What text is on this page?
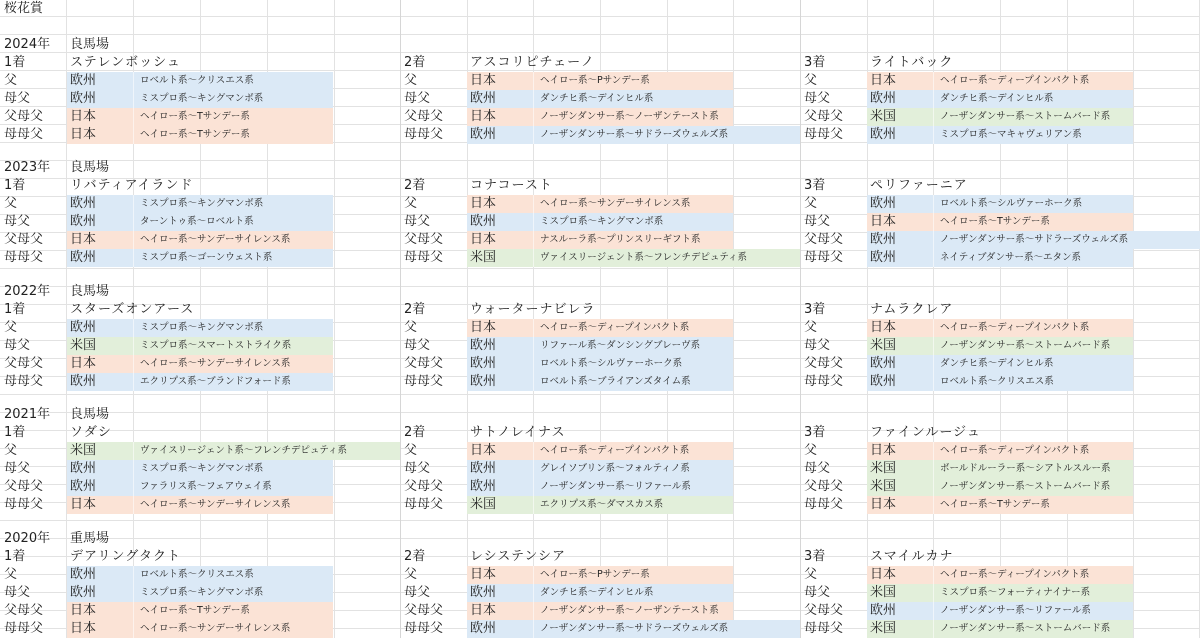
桜花賞
2024年	良馬場
1着	ステレンボッシュ
父	欧州	ロベルト系～クリスエス系
母父	欧州	ミスプロ系～キングマンボ系
父母父	日本	ヘイロー系～Tサンデー系
母母父	日本	ヘイロー系～Tサンデー系
2着	アスコリピチェーノ
父	日本	ヘイロー系～Pサンデー系
母父	欧州	ダンチヒ系～デインヒル系
父母父	日本	ノーザンダンサー系～ノーザンテースト系
母母父	欧州	ノーザンダンサー系～サドラーズウェルズ系
3着	ライトバック
父	日本	ヘイロー系～ディープインパクト系
母父	欧州	ダンチヒ系～デインヒル系
父母父	米国	ノーザンダンサー系～ストームバード系
母母父	欧州	ミスプロ系～マキャヴェリアン系
2023年	良馬場
1着	リバティアイランド
父	欧州	ミスプロ系～キングマンボ系
母父	欧州	ターントゥ系～ロベルト系
父母父	日本	ヘイロー系～サンデーサイレンス系
母母父	欧州	ミスプロ系～ゴーンウェスト系
2着	コナコースト
父	日本	ヘイロー系～サンデーサイレンス系
母父	欧州	ミスプロ系～キングマンボ系
父母父	日本	ナスルーラ系～プリンスリーギフト系
母母父	米国	ヴァイスリージェント系～フレンチデピュティ系
3着	ペリファーニア
父	欧州	ロベルト系～シルヴァーホーク系
母父	日本	ヘイロー系～Tサンデー系
父母父	欧州	ノーザンダンサー系～サドラーズウェルズ系
母母父	欧州	ネイティブダンサー系～エタン系
2022年	良馬場
1着	スターズオンアース
父	欧州	ミスプロ系～キングマンボ系
母父	米国	ミスプロ系～スマートストライク系
父母父	日本	ヘイロー系～サンデーサイレンス系
母母父	欧州	エクリプス系～ブランドフォード系
2着	ウォーターナビレラ
父	日本	ヘイロー系～ディープインパクト系
母父	欧州	リファール系～ダンシングブレーヴ系
父母父	欧州	ロベルト系～シルヴァーホーク系
母母父	欧州	ロベルト系～ブライアンズタイム系
3着	ナムラクレア
父	日本	ヘイロー系～ディープインパクト系
母父	米国	ノーザンダンサー系～ストームバード系
父母父	欧州	ダンチヒ系～デインヒル系
母母父	欧州	ロベルト系～クリスエス系
2021年	良馬場
1着	ソダシ
父	米国	ヴァイスリージェント系～フレンチデピュティ系
母父	欧州	ミスプロ系～キングマンボ系
父母父	欧州	ファラリス系～フェアウェイ系
母母父	日本	ヘイロー系～サンデーサイレンス系
2着	サトノレイナス
父	日本	ヘイロー系～ディープインパクト系
母父	欧州	グレイソブリン系～フォルティノ系
父母父	欧州	ノーザンダンサー系～リファール系
母母父	米国	エクリプス系～ダマスカス系
3着	ファインルージュ
父	日本	ヘイロー系～ディープインパクト系
母父	米国	ボールドルーラー系～シアトルスルー系
父母父	米国	ノーザンダンサー系～ストームバード系
母母父	日本	ヘイロー系～Tサンデー系
2020年	重馬場
1着	デアリングタクト
父	欧州	ロベルト系～クリスエス系
母父	欧州	ミスプロ系～キングマンボ系
父母父	日本	ヘイロー系～Tサンデー系
母母父	日本	ヘイロー系～サンデーサイレンス系
2着	レシステンシア
父	日本	ヘイロー系～Pサンデー系
母父	欧州	ダンチヒ系～デインヒル系
父母父	日本	ノーザンダンサー系～ノーザンテースト系
母母父	欧州	ノーザンダンサー系～サドラーズウェルズ系
3着	スマイルカナ
父	日本	ヘイロー系～ディープインパクト系
母父	米国	ミスプロ系～フォーティナイナー系
父母父	欧州	ノーザンダンサー系～リファール系
母母父	米国	ノーザンダンサー系～ストームバード系
